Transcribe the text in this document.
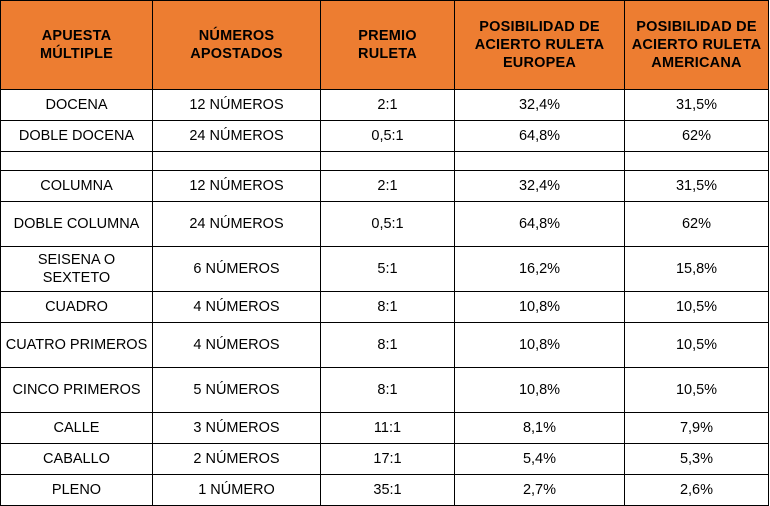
APUESTA MÚLTIPLE	NÚMEROS APOSTADOS	PREMIO RULETA	POSIBILIDAD DE ACIERTO RULETA EUROPEA	POSIBILIDAD DE ACIERTO RULETA AMERICANA
DOCENA	12 NÚMEROS	2:1	32,4%	31,5%
DOBLE DOCENA	24 NÚMEROS	0,5:1	64,8%	62%

COLUMNA	12 NÚMEROS	2:1	32,4%	31,5%
DOBLE COLUMNA	24 NÚMEROS	0,5:1	64,8%	62%
SEISENA O SEXTETO	6 NÚMEROS	5:1	16,2%	15,8%
CUADRO	4 NÚMEROS	8:1	10,8%	10,5%
CUATRO PRIMEROS	4 NÚMEROS	8:1	10,8%	10,5%
CINCO PRIMEROS	5 NÚMEROS	8:1	10,8%	10,5%
CALLE	3 NÚMEROS	11:1	8,1%	7,9%
CABALLO	2 NÚMEROS	17:1	5,4%	5,3%
PLENO	1 NÚMERO	35:1	2,7%	2,6%
